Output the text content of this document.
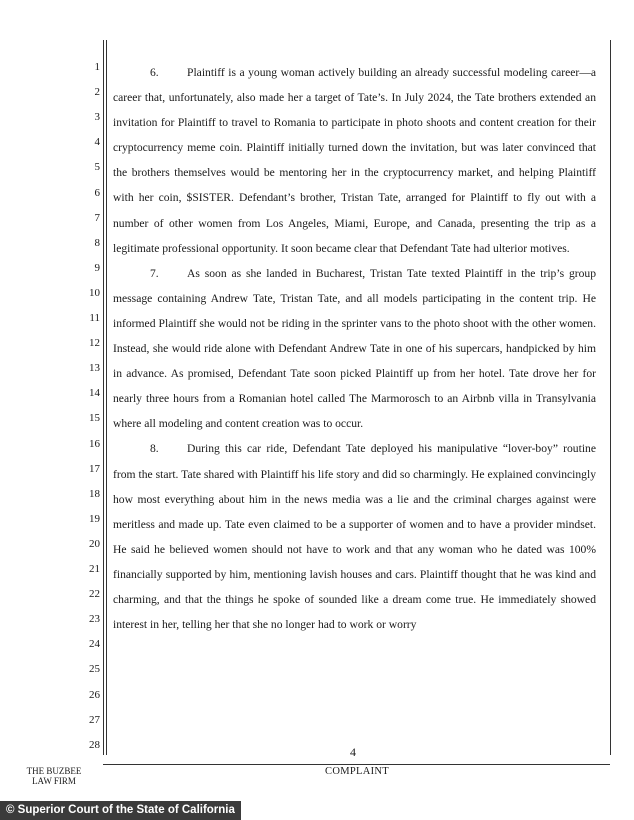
1
2
3
4
5
6
7
8
9
10
11
12
13
14
15
16
17
18
19
20
21
22
23
24
25
26
27
28

6. Plaintiff is a young woman actively building an already successful modeling career—a career that, unfortunately, also made her a target of Tate’s. In July 2024, the Tate brothers extended an invitation for Plaintiff to travel to Romania to participate in photo shoots and content creation for their cryptocurrency meme coin. Plaintiff initially turned down the invitation, but was later convinced that the brothers themselves would be mentoring her in the cryptocurrency market, and helping Plaintiff with her coin, $SISTER. Defendant’s brother, Tristan Tate, arranged for Plaintiff to fly out with a number of other women from Los Angeles, Miami, Europe, and Canada, presenting the trip as a legitimate professional opportunity. It soon became clear that Defendant Tate had ulterior motives.

7. As soon as she landed in Bucharest, Tristan Tate texted Plaintiff in the trip’s group message containing Andrew Tate, Tristan Tate, and all models participating in the content trip. He informed Plaintiff she would not be riding in the sprinter vans to the photo shoot with the other women. Instead, she would ride alone with Defendant Andrew Tate in one of his supercars, handpicked by him in advance. As promised, Defendant Tate soon picked Plaintiff up from her hotel. Tate drove her for nearly three hours from a Romanian hotel called The Marmorosch to an Airbnb villa in Transylvania where all modeling and content creation was to occur.

8. During this car ride, Defendant Tate deployed his manipulative “lover-boy” routine from the start. Tate shared with Plaintiff his life story and did so charmingly. He explained convincingly how most everything about him in the news media was a lie and the criminal charges against were meritless and made up. Tate even claimed to be a supporter of women and to have a provider mindset. He said he believed women should not have to work and that any woman who he dated was 100% financially supported by him, mentioning lavish houses and cars. Plaintiff thought that he was kind and charming, and that the things he spoke of sounded like a dream come true. He immediately showed interest in her, telling her that she no longer had to work or worry

4
THE BUZBEE
LAW FIRM
COMPLAINT
© Superior Court of the State of California
